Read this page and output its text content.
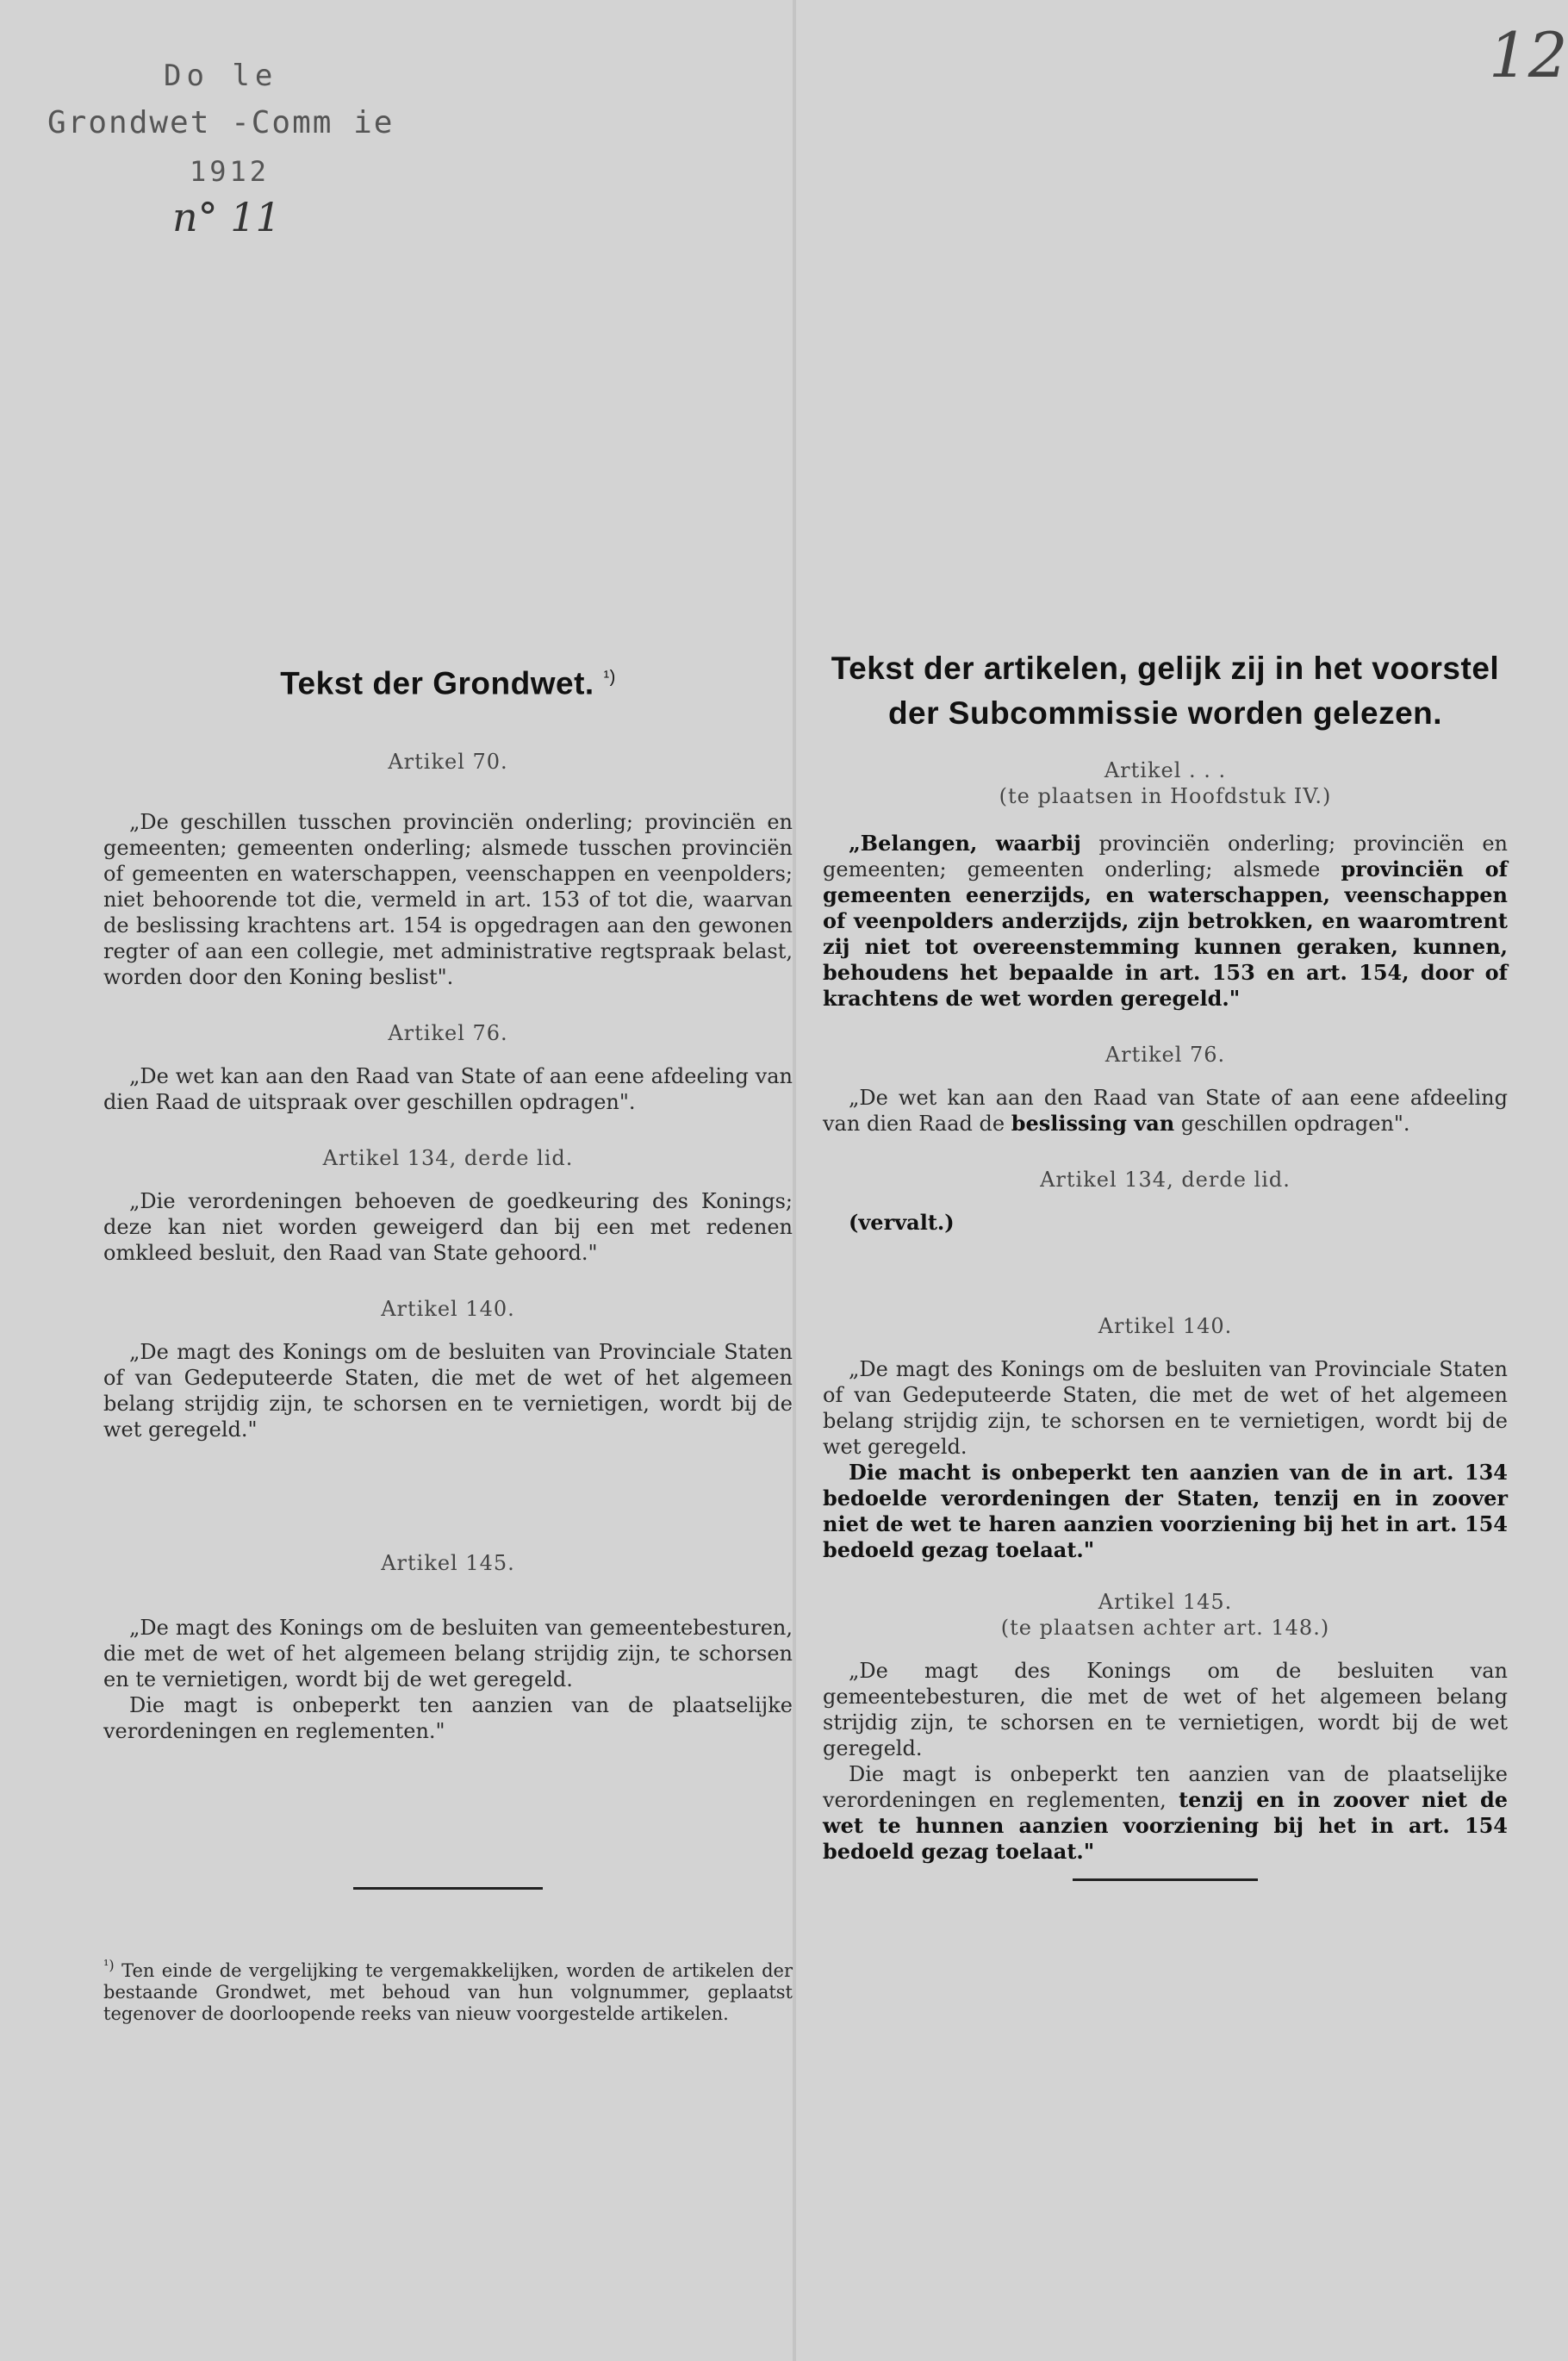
Do le
Grondwet -Comm ie
1912
n° 11
12
Tekst der Grondwet. $^{^1)}$

Artikel 70.

„De geschillen tusschen provinciën onderling; provinciën en gemeenten; gemeenten onderling; alsmede tusschen provinciën of gemeenten en waterschappen, veenschappen en veenpolders; niet behoorende tot die, vermeld in art. 153 of tot die, waarvan de beslissing krachtens art. 154 is opgedragen aan den gewonen regter of aan een collegie, met administrative regtspraak belast, worden door den Koning beslist".

Artikel 76.

„De wet kan aan den Raad van State of aan eene afdeeling van dien Raad de uitspraak over geschillen opdragen".

Artikel 134, derde lid.

„Die verordeningen behoeven de goedkeuring des Konings; deze kan niet worden geweigerd dan bij een met redenen omkleed besluit, den Raad van State gehoord."

Artikel 140.

„De magt des Konings om de besluiten van Provinciale Staten of van Gedeputeerde Staten, die met de wet of het algemeen belang strijdig zijn, te schorsen en te vernietigen, wordt bij de wet geregeld."

Artikel 145.

„De magt des Konings om de besluiten van gemeentebesturen, die met de wet of het algemeen belang strijdig zijn, te schorsen en te vernietigen, wordt bij de wet geregeld.

Die magt is onbeperkt ten aanzien van de plaatselijke verordeningen en reglementen."

$^{^1)}$ Ten einde de vergelijking te vergemakkelijken, worden de artikelen der bestaande Grondwet, met behoud van hun volgnummer, geplaatst tegenover de doorloopende reeks van nieuw voorgestelde artikelen.
Tekst der artikelen, gelijk zij in het voorstel
der Subcommissie worden gelezen.

Artikel . . .

(te plaatsen in Hoofdstuk IV.)

„Belangen, waarbij provinciën onderling; provinciën en gemeenten; gemeenten onderling; alsmede provinciën of gemeenten eenerzijds, en waterschappen, veenschappen of veenpolders anderzijds, zijn betrokken, en waaromtrent zij niet tot overeenstemming kunnen geraken, kunnen, behoudens het bepaalde in art. 153 en art. 154, door of krachtens de wet worden geregeld."

Artikel 76.

„De wet kan aan den Raad van State of aan eene afdeeling van dien Raad de beslissing van geschillen opdragen".

Artikel 134, derde lid.

(vervalt.)

Artikel 140.

„De magt des Konings om de besluiten van Provinciale Staten of van Gedeputeerde Staten, die met de wet of het algemeen belang strijdig zijn, te schorsen en te vernietigen, wordt bij de wet geregeld.

Die macht is onbeperkt ten aanzien van de in art. 134 bedoelde verordeningen der Staten, tenzij en in zoover niet de wet te haren aanzien voorziening bij het in art. 154 bedoeld gezag toelaat."

Artikel 145.

(te plaatsen achter art. 148.)

„De magt des Konings om de besluiten van gemeentebesturen, die met de wet of het algemeen belang strijdig zijn, te schorsen en te vernietigen, wordt bij de wet geregeld.

Die magt is onbeperkt ten aanzien van de plaatselijke verordeningen en reglementen, tenzij en in zoover niet de wet te hunnen aanzien voorziening bij het in art. 154 bedoeld gezag toelaat."
